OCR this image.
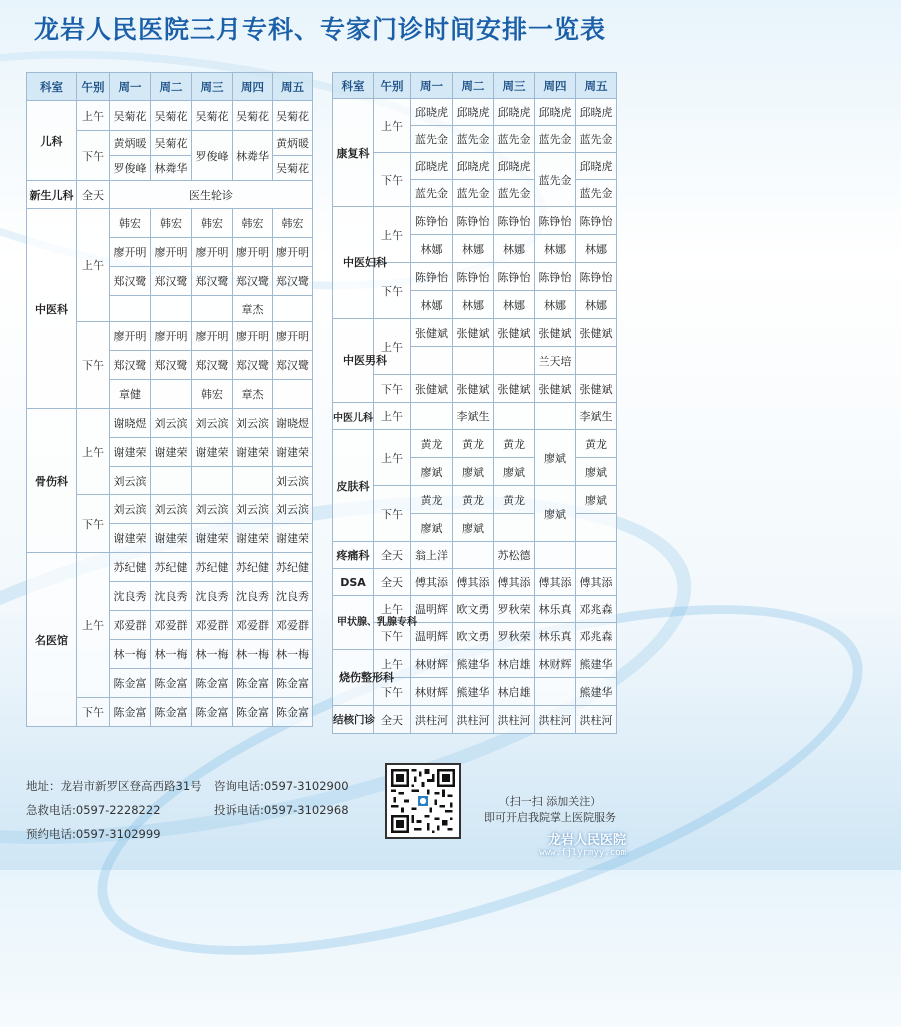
龙岩人民医院三月专科、专家门诊时间安排一览表
科室	午别	周一	周二	周三	周四	周五
儿科	上午	吴菊花	吴菊花	吴菊花	吴菊花	吴菊花
	下午	黄炳暖	吴菊花	罗俊峰	林粦华	黄炳暖
		罗俊峰	林粦华			吴菊花
新生儿科	全天	医生轮诊				
中医科	上午	韩宏	韩宏	韩宏	韩宏	韩宏
		廖开明	廖开明	廖开明	廖开明	廖开明
		郑汉鹭	郑汉鹭	郑汉鹭	郑汉鹭	郑汉鹭
					章杰	
	下午	廖开明	廖开明	廖开明	廖开明	廖开明
		郑汉鹭	郑汉鹭	郑汉鹭	郑汉鹭	郑汉鹭
		章健		韩宏	章杰	
骨伤科	上午	谢晓煜	刘云滨	刘云滨	刘云滨	谢晓煜
		谢建荣	谢建荣	谢建荣	谢建荣	谢建荣
		刘云滨				刘云滨
	下午	刘云滨	刘云滨	刘云滨	刘云滨	刘云滨
		谢建荣	谢建荣	谢建荣	谢建荣	谢建荣
名医馆	上午	苏纪健	苏纪健	苏纪健	苏纪健	苏纪健
		沈良秀	沈良秀	沈良秀	沈良秀	沈良秀
		邓爱群	邓爱群	邓爱群	邓爱群	邓爱群
		林一梅	林一梅	林一梅	林一梅	林一梅
		陈金富	陈金富	陈金富	陈金富	陈金富
	下午	陈金富	陈金富	陈金富	陈金富	陈金富
科室	午别	周一	周二	周三	周四	周五
康复科	上午	邱晓虎	邱晓虎	邱晓虎	邱晓虎	邱晓虎
		蓝先金	蓝先金	蓝先金	蓝先金	蓝先金
	下午	邱晓虎	邱晓虎	邱晓虎	蓝先金	邱晓虎
		蓝先金	蓝先金	蓝先金		蓝先金
中医妇科	上午	陈铮怡	陈铮怡	陈铮怡	陈铮怡	陈铮怡
		林娜	林娜	林娜	林娜	林娜
	下午	陈铮怡	陈铮怡	陈铮怡	陈铮怡	陈铮怡
		林娜	林娜	林娜	林娜	林娜
中医男科	上午	张健斌	张健斌	张健斌	张健斌	张健斌
					兰天培	
	下午	张健斌	张健斌	张健斌	张健斌	张健斌
中医儿科	上午		李斌生			李斌生
皮肤科	上午	黄龙	黄龙	黄龙	廖斌	黄龙
		廖斌	廖斌	廖斌		廖斌
	下午	黄龙	黄龙	黄龙	廖斌	廖斌
		廖斌	廖斌			
疼痛科	全天	翁上洋		苏松德		
DSA	全天	傅其添	傅其添	傅其添	傅其添	傅其添
甲状腺、乳腺专科	上午	温明辉	欧文勇	罗秋荣	林乐真	邓兆森
	下午	温明辉	欧文勇	罗秋荣	林乐真	邓兆森
烧伤整形科	上午	林财辉	熊建华	林启雄	林财辉	熊建华
	下午	林财辉	熊建华	林启雄		熊建华
结核门诊	全天	洪柱河	洪柱河	洪柱河	洪柱河	洪柱河
地址：龙岩市新罗区登高西路31号 咨询电话:0597-3102900
急救电话:0597-2228222	投诉电话:0597-3102968
预约电话:0597-3102999
（扫一扫 添加关注）
即可开启我院掌上医院服务
龙岩人民医院
www.fjlyrmyy.com
